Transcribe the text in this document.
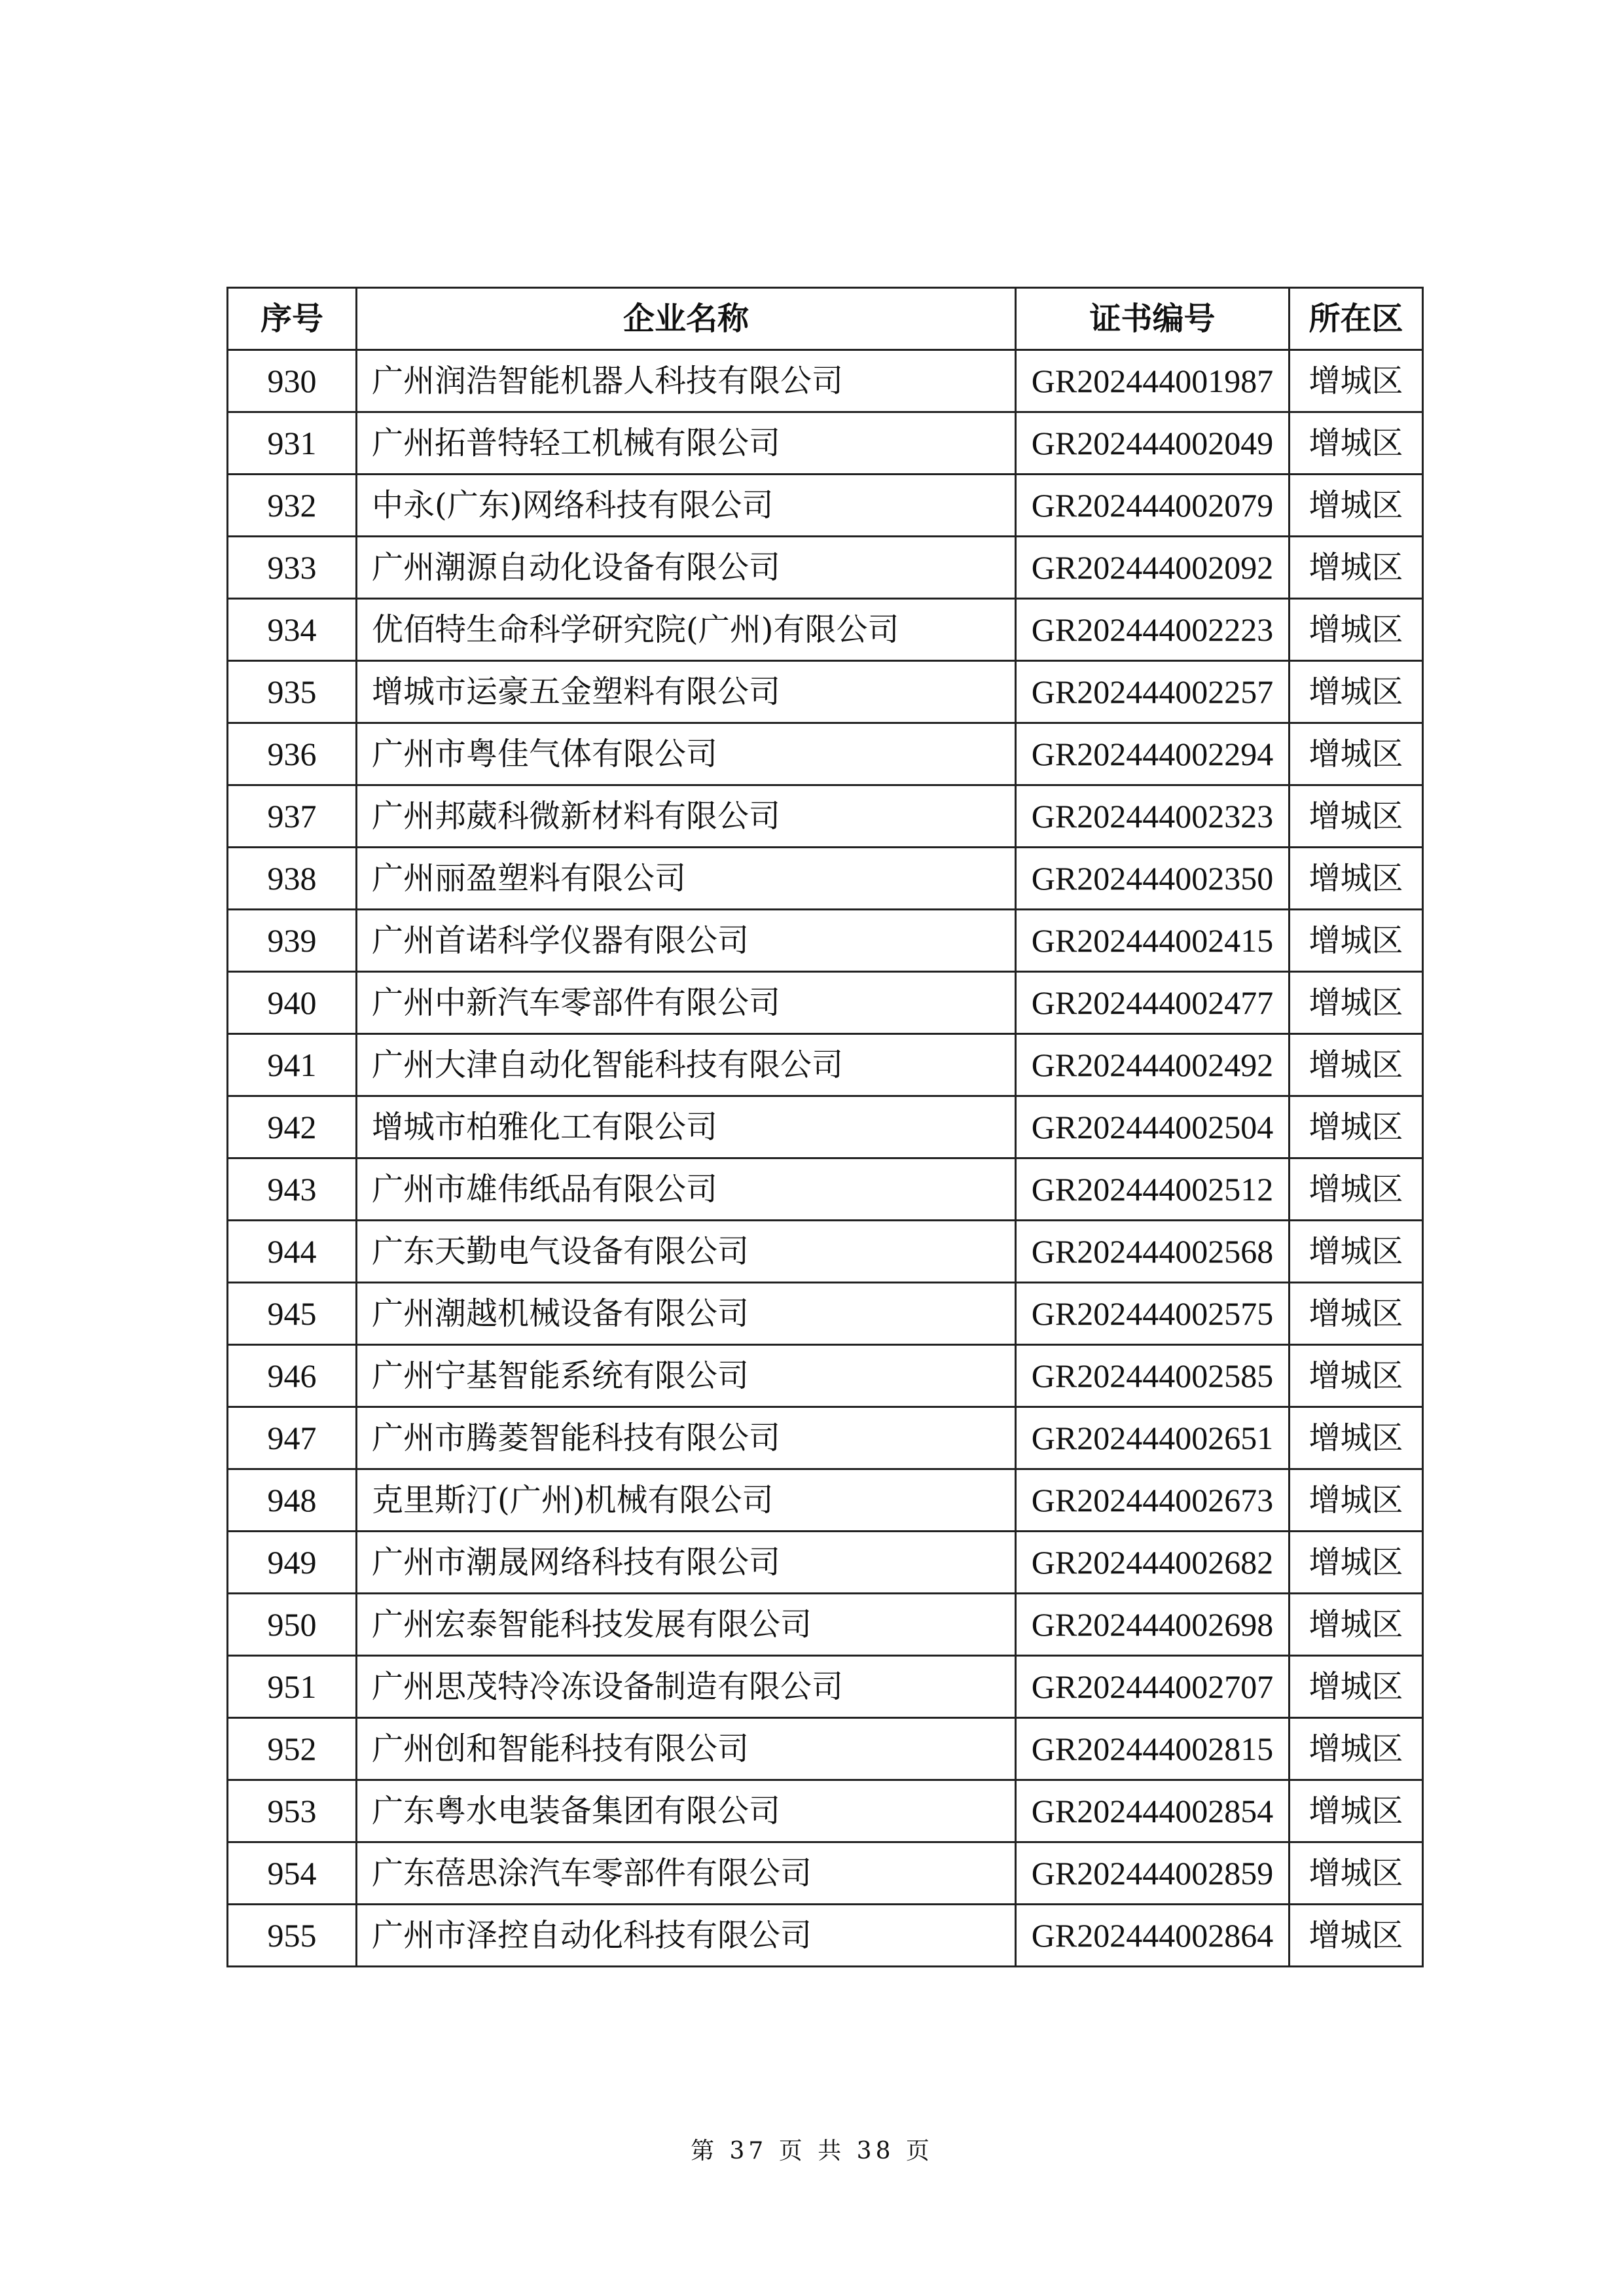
序号	企业名称	证书编号	所在区
930	广州润浩智能机器人科技有限公司	GR202444001987	增城区
931	广州拓普特轻工机械有限公司	GR202444002049	增城区
932	中永(广东)网络科技有限公司	GR202444002079	增城区
933	广州潮源自动化设备有限公司	GR202444002092	增城区
934	优佰特生命科学研究院(广州)有限公司	GR202444002223	增城区
935	增城市运豪五金塑料有限公司	GR202444002257	增城区
936	广州市粤佳气体有限公司	GR202444002294	增城区
937	广州邦葳科微新材料有限公司	GR202444002323	增城区
938	广州丽盈塑料有限公司	GR202444002350	增城区
939	广州首诺科学仪器有限公司	GR202444002415	增城区
940	广州中新汽车零部件有限公司	GR202444002477	增城区
941	广州大津自动化智能科技有限公司	GR202444002492	增城区
942	增城市柏雅化工有限公司	GR202444002504	增城区
943	广州市雄伟纸品有限公司	GR202444002512	增城区
944	广东天勤电气设备有限公司	GR202444002568	增城区
945	广州潮越机械设备有限公司	GR202444002575	增城区
946	广州宁基智能系统有限公司	GR202444002585	增城区
947	广州市腾菱智能科技有限公司	GR202444002651	增城区
948	克里斯汀(广州)机械有限公司	GR202444002673	增城区
949	广州市潮晟网络科技有限公司	GR202444002682	增城区
950	广州宏泰智能科技发展有限公司	GR202444002698	增城区
951	广州思茂特冷冻设备制造有限公司	GR202444002707	增城区
952	广州创和智能科技有限公司	GR202444002815	增城区
953	广东粤水电装备集团有限公司	GR202444002854	增城区
954	广东蓓思涂汽车零部件有限公司	GR202444002859	增城区
955	广州市泽控自动化科技有限公司	GR202444002864	增城区
第 37 页 共 38 页
